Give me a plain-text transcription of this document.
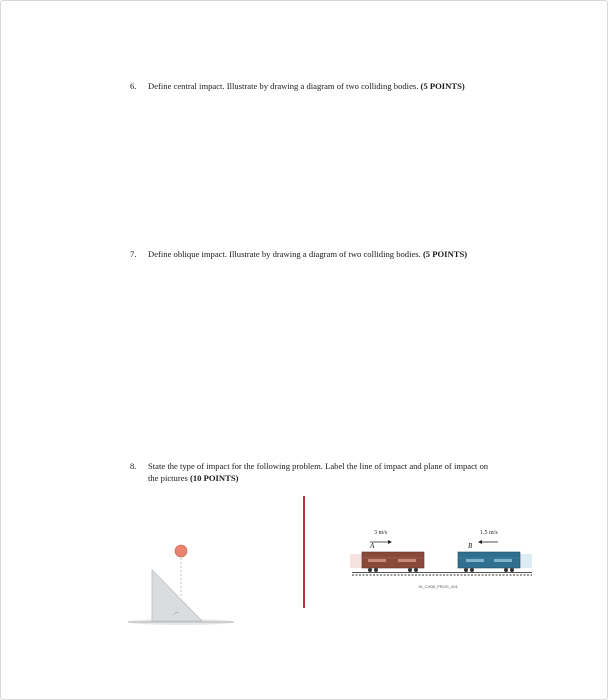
6. Define central impact. Illustrate by drawing a diagram of two colliding bodies. (5 POINTS)
7. Define oblique impact. Illustrate by drawing a diagram of two colliding bodies. (5 POINTS)
8. State the type of impact for the following problem. Label the line of impact and plane of impact on
the pictures (10 POINTS)
A
3 m/s
B
1.5 m/s
15_CH08_PROG_001
